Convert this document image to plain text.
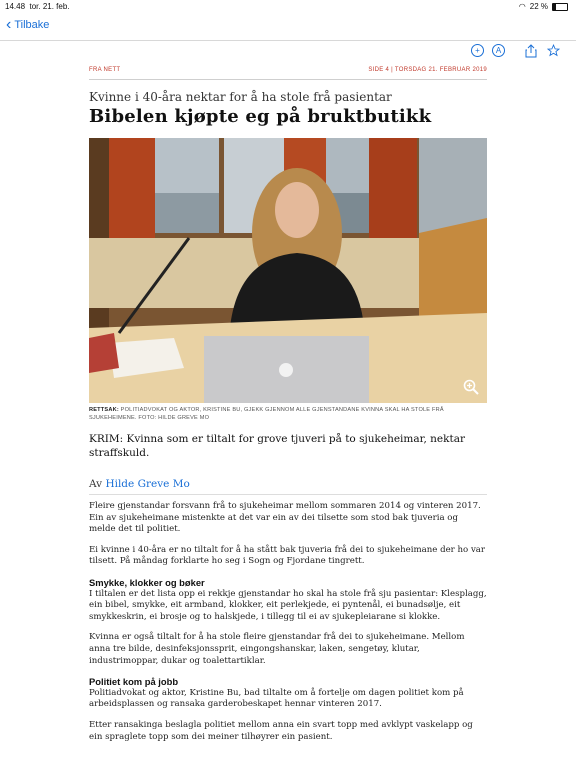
14.48 tor. 21. feb.	◠ 22 %
‹ Tilbake
+	A
FRA NETT	SIDE 4 | TORSDAG 21. FEBRUAR 2019
Kvinne i 40-åra nektar for å ha stole frå pasientar
Bibelen kjøpte eg på bruktbutikk
RETTSAK: POLITIADVOKAT OG AKTOR, KRISTINE BU, GJEKK GJENNOM ALLE GJENSTANDANE KVINNA SKAL HA STOLE FRÅ SJUKEHEIMENE. FOTO: HILDE GREVE MO
KRIM: Kvinna som er tiltalt for grove tjuveri på to sjukeheimar, nektar straffskuld.
Av Hilde Greve Mo

Fleire gjenstandar forsvann frå to sjukeheimar mellom sommaren 2014 og vinteren 2017. Ein av sjukeheimane mistenkte at det var ein av dei tilsette som stod bak tjuveria og melde det til politiet.

Ei kvinne i 40-åra er no tiltalt for å ha stått bak tjuveria frå dei to sjukeheimane der ho var tilsett. På måndag forklarte ho seg i Sogn og Fjordane tingrett.

Smykke, klokker og bøker

I tiltalen er det lista opp ei rekkje gjenstandar ho skal ha stole frå sju pasientar: Klesplagg, ein bibel, smykke, eit armband, klokker, eit perlekjede, ei pyntenål, ei bunadsølje, eit smykkeskrin, ei brosje og to halskjede, i tillegg til ei av sjukepleiarane si klokke.

Kvinna er også tiltalt for å ha stole fleire gjenstandar frå dei to sjukeheimane. Mellom anna tre bilde, desinfeksjonssprit, eingongshanskar, laken, sengetøy, klutar, industrimoppar, dukar og toalettartiklar.

Politiet kom på jobb

Politiadvokat og aktor, Kristine Bu, bad tiltalte om å fortelje om dagen politiet kom på arbeidsplassen og ransaka garderobeskapet hennar vinteren 2017.

Etter ransakinga beslagla politiet mellom anna ein svart topp med avklypt vaskelapp og ein spraglete topp som dei meiner tilhøyrer ein pasient.
